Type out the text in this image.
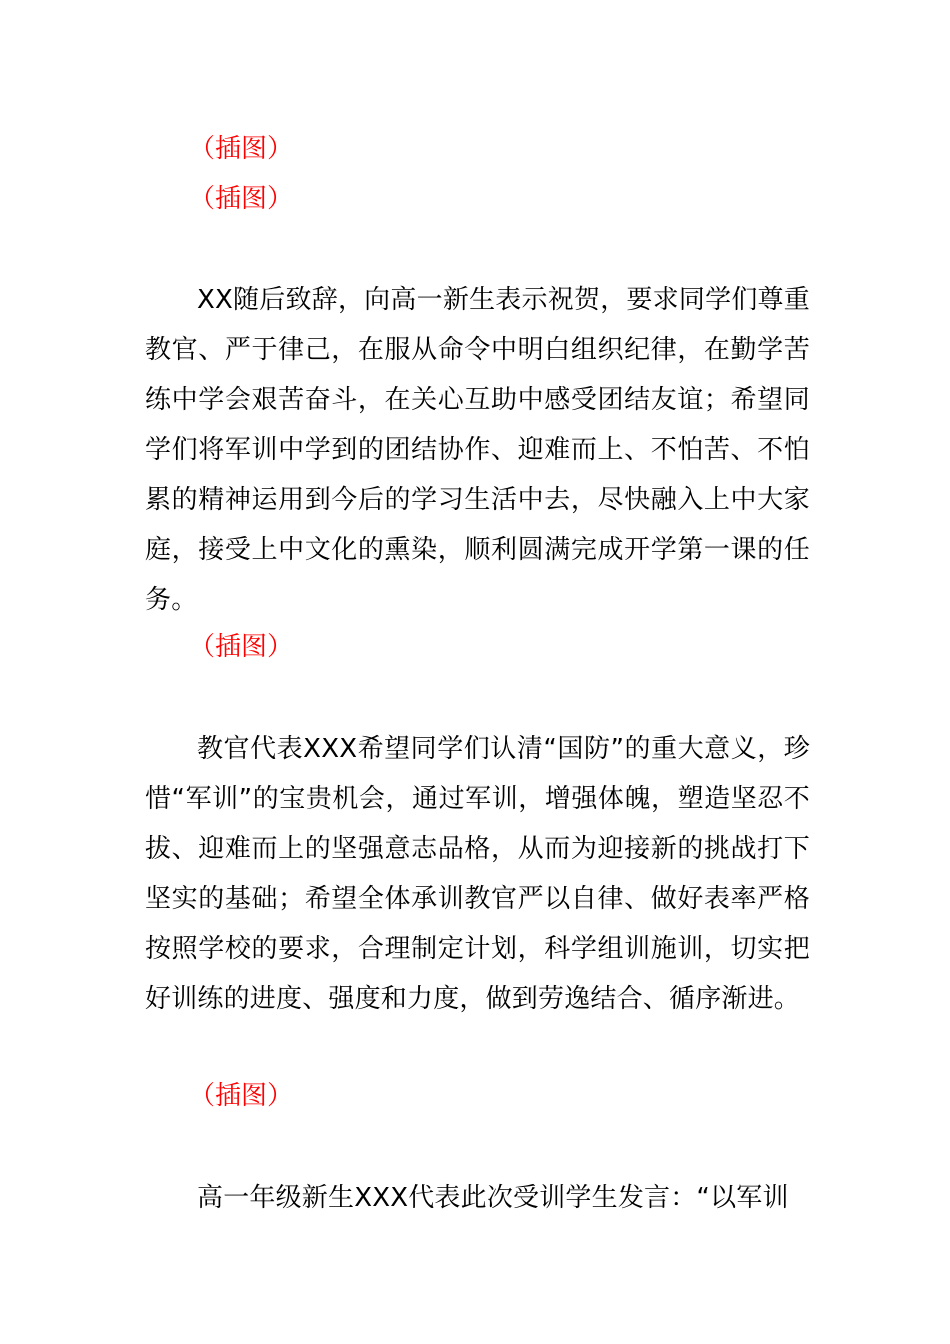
（插图）
（插图）

XX随后致辞，向高一新生表示祝贺，要求同学们尊重教官、严于律己，在服从命令中明白组织纪律，在勤学苦练中学会艰苦奋斗，在关心互助中感受团结友谊；希望同学们将军训中学到的团结协作、迎难而上、不怕苦、不怕累的精神运用到今后的学习生活中去，尽快融入上中大家庭，接受上中文化的熏染，顺利圆满完成开学第一课的任务。

（插图）

教官代表XXX希望同学们认清“国防”的重大意义，珍惜“军训”的宝贵机会，通过军训，增强体魄，塑造坚忍不拔、迎难而上的坚强意志品格，从而为迎接新的挑战打下坚实的基础；希望全体承训教官严以自律、做好表率严格按照学校的要求，合理制定计划，科学组训施训，切实把好训练的进度、强度和力度，做到劳逸结合、循序渐进。

（插图）

高一年级新生XXX代表此次受训学生发言：“以军训
